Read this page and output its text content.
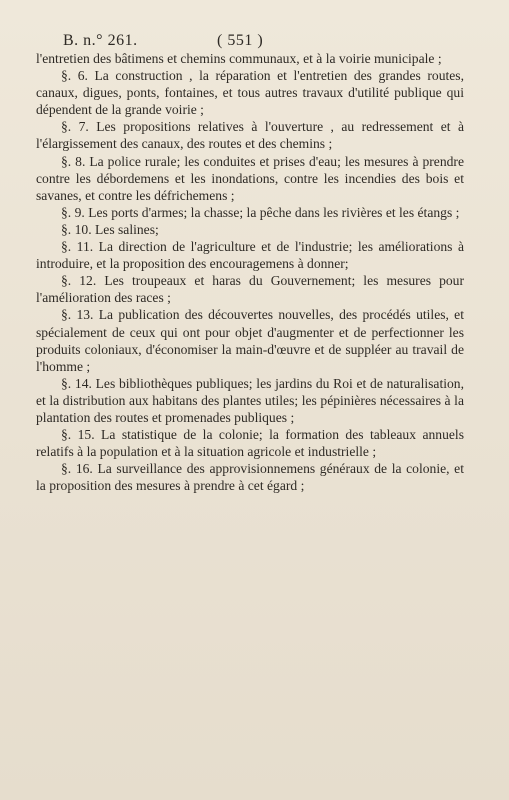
B. n.° 261.	( 551 )

l'entretien des bâtimens et chemins communaux, et à la voirie municipale ;

§. 6. La construction , la réparation et l'entretien des grandes routes, canaux, digues, ponts, fontaines, et tous autres travaux d'utilité publique qui dépendent de la grande voirie ;

§. 7. Les propositions relatives à l'ouverture , au redressement et à l'élargissement des canaux, des routes et des chemins ;

§. 8. La police rurale; les conduites et prises d'eau; les mesures à prendre contre les débordemens et les inondations, contre les incendies des bois et savanes, et contre les défrichemens ;

§. 9. Les ports d'armes; la chasse; la pêche dans les rivières et les étangs ;

§. 10. Les salines;

§. 11. La direction de l'agriculture et de l'industrie; les améliorations à introduire, et la proposition des encouragemens à donner;

§. 12. Les troupeaux et haras du Gouvernement; les mesures pour l'amélioration des races ;

§. 13. La publication des découvertes nouvelles, des procédés utiles, et spécialement de ceux qui ont pour objet d'augmenter et de perfectionner les produits coloniaux, d'économiser la main-d'œuvre et de suppléer au travail de l'homme ;

§. 14. Les bibliothèques publiques; les jardins du Roi et de naturalisation, et la distribution aux habitans des plantes utiles; les pépinières nécessaires à la plantation des routes et promenades publiques ;

§. 15. La statistique de la colonie; la formation des tableaux annuels relatifs à la population et à la situation agricole et industrielle ;

§. 16. La surveillance des approvisionnemens généraux de la colonie, et la proposition des mesures à prendre à cet égard ;
